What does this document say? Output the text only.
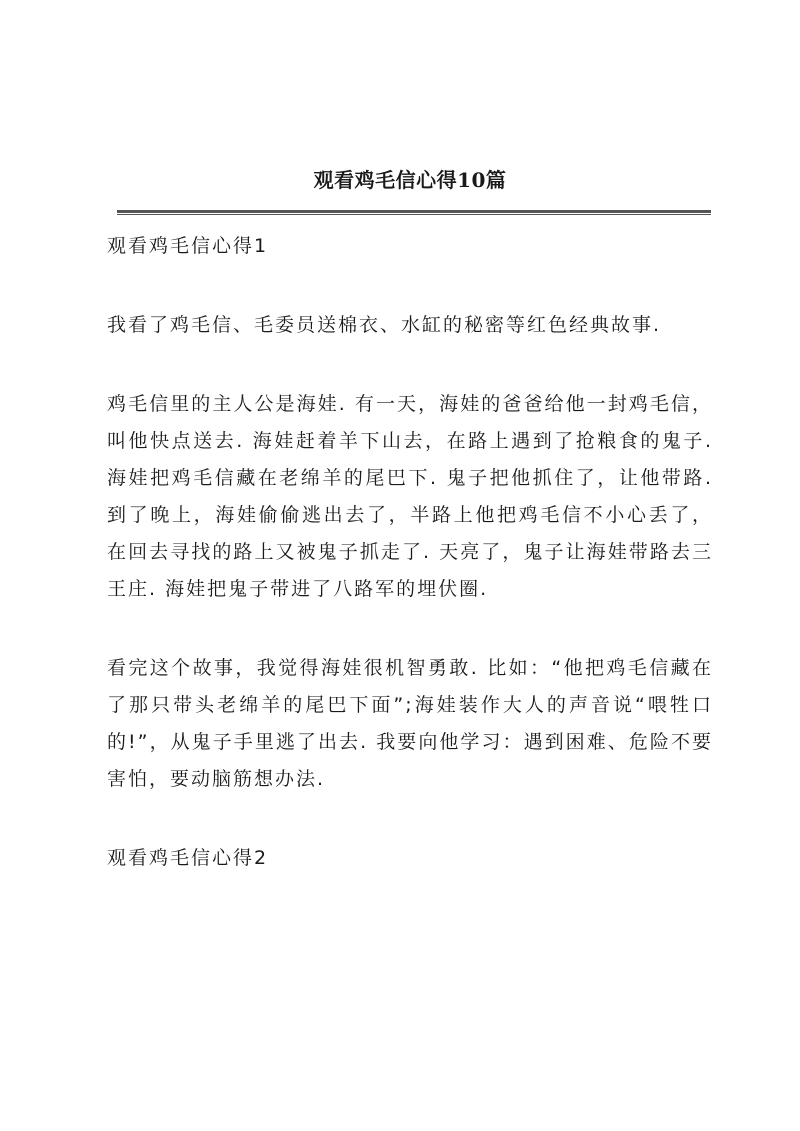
观看鸡毛信心得10篇
观看鸡毛信心得1

我看了鸡毛信、毛委员送棉衣、水缸的秘密等红色经典故事.

鸡毛信里的主人公是海娃. 有一天，海娃的爸爸给他一封鸡毛信，叫他快点送去. 海娃赶着羊下山去，在路上遇到了抢粮食的鬼子. 海娃把鸡毛信藏在老绵羊的尾巴下. 鬼子把他抓住了，让他带路. 到了晚上，海娃偷偷逃出去了，半路上他把鸡毛信不小心丢了，在回去寻找的路上又被鬼子抓走了. 天亮了，鬼子让海娃带路去三王庄. 海娃把鬼子带进了八路军的埋伏圈.

看完这个故事，我觉得海娃很机智勇敢. 比如：“他把鸡毛信藏在了那只带头老绵羊的尾巴下面”;海娃装作大人的声音说“喂牲口的!”，从鬼子手里逃了出去. 我要向他学习：遇到困难、危险不要害怕，要动脑筋想办法.

观看鸡毛信心得2
